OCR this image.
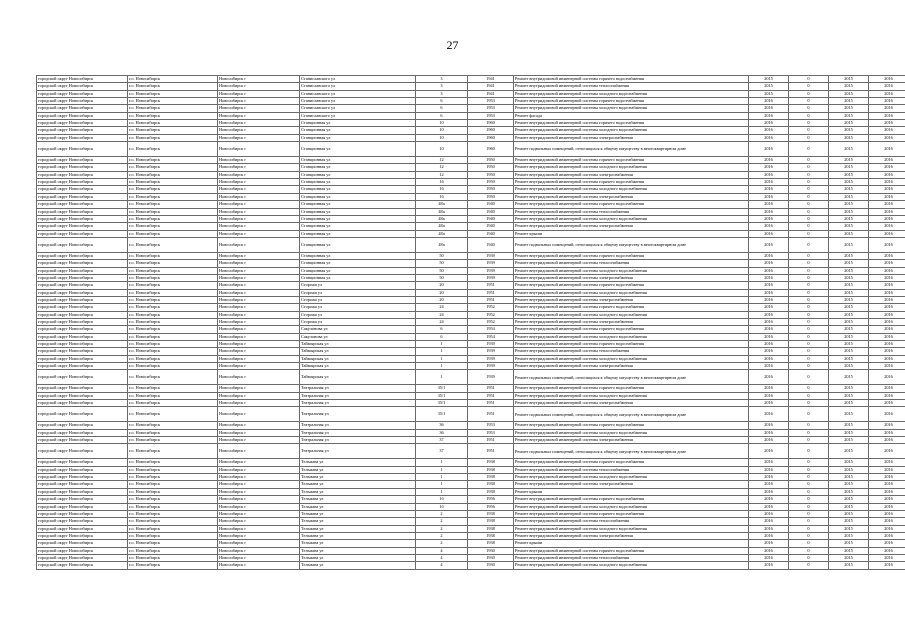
27
городской округ Новосибирск	г.о. Новосибирск	Новосибирск г	Станиславского ул	3	1941	Ремонт внутридомовой инженерной системы горячего водоснабжения	2015	0	2015	2016
городской округ Новосибирск	г.о. Новосибирск	Новосибирск г	Станиславского ул	3	1941	Ремонт внутридомовой инженерной системы теплоснабжения	2015	0	2015	2016
городской округ Новосибирск	г.о. Новосибирск	Новосибирск г	Станиславского ул	3	1941	Ремонт внутридомовой инженерной системы холодного водоснабжения	2015	0	2015	2016
городской округ Новосибирск	г.о. Новосибирск	Новосибирск г	Станиславского ул	6	1953	Ремонт внутридомовой инженерной системы горячего водоснабжения	2016	0	2015	2016
городской округ Новосибирск	г.о. Новосибирск	Новосибирск г	Станиславского ул	6	1953	Ремонт внутридомовой инженерной системы холодного водоснабжения	2016	0	2015	2016
городской округ Новосибирск	г.о. Новосибирск	Новосибирск г	Станиславского ул	6	1953	Ремонт фасада	2016	0	2015	2016
городской округ Новосибирск	г.о. Новосибирск	Новосибирск г	Станционная ул	10	1960	Ремонт внутридомовой инженерной системы горячего водоснабжения	2016	0	2015	2016
городской округ Новосибирск	г.о. Новосибирск	Новосибирск г	Станционная ул	10	1960	Ремонт внутридомовой инженерной системы холодного водоснабжения	2016	0	2015	2016
городской округ Новосибирск	г.о. Новосибирск	Новосибирск г	Станционная ул	10	1960	Ремонт внутридомовой инженерной системы электроснабжения	2016	0	2015	2016
городской округ Новосибирск	г.о. Новосибирск	Новосибирск г	Станционная ул	10	1960	Ремонт подвальных помещений, относящихся к общему имуществу в многоквартирном доме	2016	0	2015	2016
городской округ Новосибирск	г.о. Новосибирск	Новосибирск г	Станционная ул	12	1950	Ремонт внутридомовой инженерной системы горячего водоснабжения	2016	0	2015	2016
городской округ Новосибирск	г.о. Новосибирск	Новосибирск г	Станционная ул	12	1950	Ремонт внутридомовой инженерной системы холодного водоснабжения	2016	0	2015	2016
городской округ Новосибирск	г.о. Новосибирск	Новосибирск г	Станционная ул	12	1950	Ремонт внутридомовой инженерной системы электроснабжения	2016	0	2015	2016
городской округ Новосибирск	г.о. Новосибирск	Новосибирск г	Станционная ул	16	1950	Ремонт внутридомовой инженерной системы горячего водоснабжения	2016	0	2015	2016
городской округ Новосибирск	г.о. Новосибирск	Новосибирск г	Станционная ул	16	1950	Ремонт внутридомовой инженерной системы холодного водоснабжения	2016	0	2015	2016
городской округ Новосибирск	г.о. Новосибирск	Новосибирск г	Станционная ул	16	1950	Ремонт внутридомовой инженерной системы электроснабжения	2016	0	2015	2016
городской округ Новосибирск	г.о. Новосибирск	Новосибирск г	Станционная ул	48а	1940	Ремонт внутридомовой инженерной системы горячего водоснабжения	2016	0	2015	2016
городской округ Новосибирск	г.о. Новосибирск	Новосибирск г	Станционная ул	48а	1940	Ремонт внутридомовой инженерной системы теплоснабжения	2016	0	2015	2016
городской округ Новосибирск	г.о. Новосибирск	Новосибирск г	Станционная ул	48а	1940	Ремонт внутридомовой инженерной системы холодного водоснабжения	2016	0	2015	2016
городской округ Новосибирск	г.о. Новосибирск	Новосибирск г	Станционная ул	48а	1940	Ремонт внутридомовой инженерной системы электроснабжения	2016	0	2015	2016
городской округ Новосибирск	г.о. Новосибирск	Новосибирск г	Станционная ул	48а	1940	Ремонт крыши	2016	0	2015	2016
городской округ Новосибирск	г.о. Новосибирск	Новосибирск г	Станционная ул	48а	1940	Ремонт подвальных помещений, относящихся к общему имуществу в многоквартирном доме	2016	0	2015	2016
городской округ Новосибирск	г.о. Новосибирск	Новосибирск г	Станционная ул	50	1939	Ремонт внутридомовой инженерной системы горячего водоснабжения	2016	0	2015	2016
городской округ Новосибирск	г.о. Новосибирск	Новосибирск г	Станционная ул	50	1939	Ремонт внутридомовой инженерной системы теплоснабжения	2016	0	2015	2016
городской округ Новосибирск	г.о. Новосибирск	Новосибирск г	Станционная ул	50	1939	Ремонт внутридомовой инженерной системы холодного водоснабжения	2016	0	2015	2016
городской округ Новосибирск	г.о. Новосибирск	Новосибирск г	Станционная ул	50	1939	Ремонт внутридомовой инженерной системы электроснабжения	2016	0	2015	2016
городской округ Новосибирск	г.о. Новосибирск	Новосибирск г	Сторожа ул	20	1951	Ремонт внутридомовой инженерной системы горячего водоснабжения	2016	0	2015	2016
городской округ Новосибирск	г.о. Новосибирск	Новосибирск г	Сторожа ул	20	1951	Ремонт внутридомовой инженерной системы холодного водоснабжения	2016	0	2015	2016
городской округ Новосибирск	г.о. Новосибирск	Новосибирск г	Сторожа ул	20	1951	Ремонт внутридомовой инженерной системы электроснабжения	2016	0	2015	2016
городской округ Новосибирск	г.о. Новосибирск	Новосибирск г	Сторожа ул	24	1952	Ремонт внутридомовой инженерной системы горячего водоснабжения	2016	0	2015	2016
городской округ Новосибирск	г.о. Новосибирск	Новосибирск г	Сторожа ул	24	1952	Ремонт внутридомовой инженерной системы холодного водоснабжения	2016	0	2015	2016
городской округ Новосибирск	г.о. Новосибирск	Новосибирск г	Сторожа ул	24	1952	Ремонт внутридомовой инженерной системы электроснабжения	2016	0	2015	2016
городской округ Новосибирск	г.о. Новосибирск	Новосибирск г	Сакулонова ул	6	1954	Ремонт внутридомовой инженерной системы горячего водоснабжения	2016	0	2015	2016
городской округ Новосибирск	г.о. Новосибирск	Новосибирск г	Сакулонова ул	6	1954	Ремонт внутридомовой инженерной системы холодного водоснабжения	2016	0	2015	2016
городской округ Новосибирск	г.о. Новосибирск	Новосибирск г	Таймырская ул	1	1939	Ремонт внутридомовой инженерной системы горячего водоснабжения	2016	0	2015	2016
городской округ Новосибирск	г.о. Новосибирск	Новосибирск г	Таймырская ул	1	1939	Ремонт внутридомовой инженерной системы теплоснабжения	2016	0	2015	2016
городской округ Новосибирск	г.о. Новосибирск	Новосибирск г	Таймырская ул	1	1939	Ремонт внутридомовой инженерной системы холодного водоснабжения	2016	0	2015	2016
городской округ Новосибирск	г.о. Новосибирск	Новосибирск г	Таймырская ул	1	1939	Ремонт внутридомовой инженерной системы электроснабжения	2016	0	2015	2016
городской округ Новосибирск	г.о. Новосибирск	Новосибирск г	Таймырская ул	1	1939	Ремонт подвальных помещений, относящихся к общему имуществу в многоквартирном доме	2016	0	2015	2016
городской округ Новосибирск	г.о. Новосибирск	Новосибирск г	Театральная ул	35/1	1951	Ремонт внутридомовой инженерной системы горячего водоснабжения	2016	0	2015	2016
городской округ Новосибирск	г.о. Новосибирск	Новосибирск г	Театральная ул	35/1	1951	Ремонт внутридомовой инженерной системы холодного водоснабжения	2016	0	2015	2016
городской округ Новосибирск	г.о. Новосибирск	Новосибирск г	Театральная ул	35/1	1951	Ремонт внутридомовой инженерной системы электроснабжения	2016	0	2015	2016
городской округ Новосибирск	г.о. Новосибирск	Новосибирск г	Театральная ул	35/1	1951	Ремонт подвальных помещений, относящихся к общему имуществу в многоквартирном доме	2016	0	2015	2016
городской округ Новосибирск	г.о. Новосибирск	Новосибирск г	Театральная ул	36	1953	Ремонт внутридомовой инженерной системы горячего водоснабжения	2016	0	2015	2016
городской округ Новосибирск	г.о. Новосибирск	Новосибирск г	Театральная ул	36	1953	Ремонт внутридомовой инженерной системы холодного водоснабжения	2016	0	2015	2016
городской округ Новосибирск	г.о. Новосибирск	Новосибирск г	Театральная ул	37	1951	Ремонт внутридомовой инженерной системы электроснабжения	2016	0	2015	2016
городской округ Новосибирск	г.о. Новосибирск	Новосибирск г	Театральная ул	37	1951	Ремонт подвальных помещений, относящихся к общему имуществу в многоквартирном доме	2016	0	2015	2016
городской округ Новосибирск	г.о. Новосибирск	Новосибирск г	Тельмана ул	1	1938	Ремонт внутридомовой инженерной системы горячего водоснабжения	2016	0	2015	2016
городской округ Новосибирск	г.о. Новосибирск	Новосибирск г	Тельмана ул	1	1938	Ремонт внутридомовой инженерной системы теплоснабжения	2016	0	2015	2016
городской округ Новосибирск	г.о. Новосибирск	Новосибирск г	Тельмана ул	1	1938	Ремонт внутридомовой инженерной системы холодного водоснабжения	2016	0	2015	2016
городской округ Новосибирск	г.о. Новосибирск	Новосибирск г	Тельмана ул	1	1938	Ремонт внутридомовой инженерной системы электроснабжения	2016	0	2015	2016
городской округ Новосибирск	г.о. Новосибирск	Новосибирск г	Тельмана ул	1	1938	Ремонт крыши	2016	0	2015	2016
городской округ Новосибирск	г.о. Новосибирск	Новосибирск г	Тельмана ул	1б	1956	Ремонт внутридомовой инженерной системы горячего водоснабжения	2016	0	2015	2016
городской округ Новосибирск	г.о. Новосибирск	Новосибирск г	Тельмана ул	1б	1956	Ремонт внутридомовой инженерной системы холодного водоснабжения	2016	0	2015	2016
городской округ Новосибирск	г.о. Новосибирск	Новосибирск г	Тельмана ул	2	1938	Ремонт внутридомовой инженерной системы горячего водоснабжения	2016	0	2015	2016
городской округ Новосибирск	г.о. Новосибирск	Новосибирск г	Тельмана ул	2	1938	Ремонт внутридомовой инженерной системы теплоснабжения	2016	0	2015	2016
городской округ Новосибирск	г.о. Новосибирск	Новосибирск г	Тельмана ул	2	1938	Ремонт внутридомовой инженерной системы холодного водоснабжения	2016	0	2015	2016
городской округ Новосибирск	г.о. Новосибирск	Новосибирск г	Тельмана ул	2	1938	Ремонт внутридомовой инженерной системы электроснабжения	2016	0	2015	2016
городской округ Новосибирск	г.о. Новосибирск	Новосибирск г	Тельмана ул	2	1938	Ремонт крыши	2016	0	2015	2016
городской округ Новосибирск	г.о. Новосибирск	Новосибирск г	Тельмана ул	4	1930	Ремонт внутридомовой инженерной системы горячего водоснабжения	2016	0	2015	2016
городской округ Новосибирск	г.о. Новосибирск	Новосибирск г	Тельмана ул	4	1930	Ремонт внутридомовой инженерной системы теплоснабжения	2016	0	2015	2016
городской округ Новосибирск	г.о. Новосибирск	Новосибирск г	Тельмана ул	4	1930	Ремонт внутридомовой инженерной системы холодного водоснабжения	2016	0	2015	2016
